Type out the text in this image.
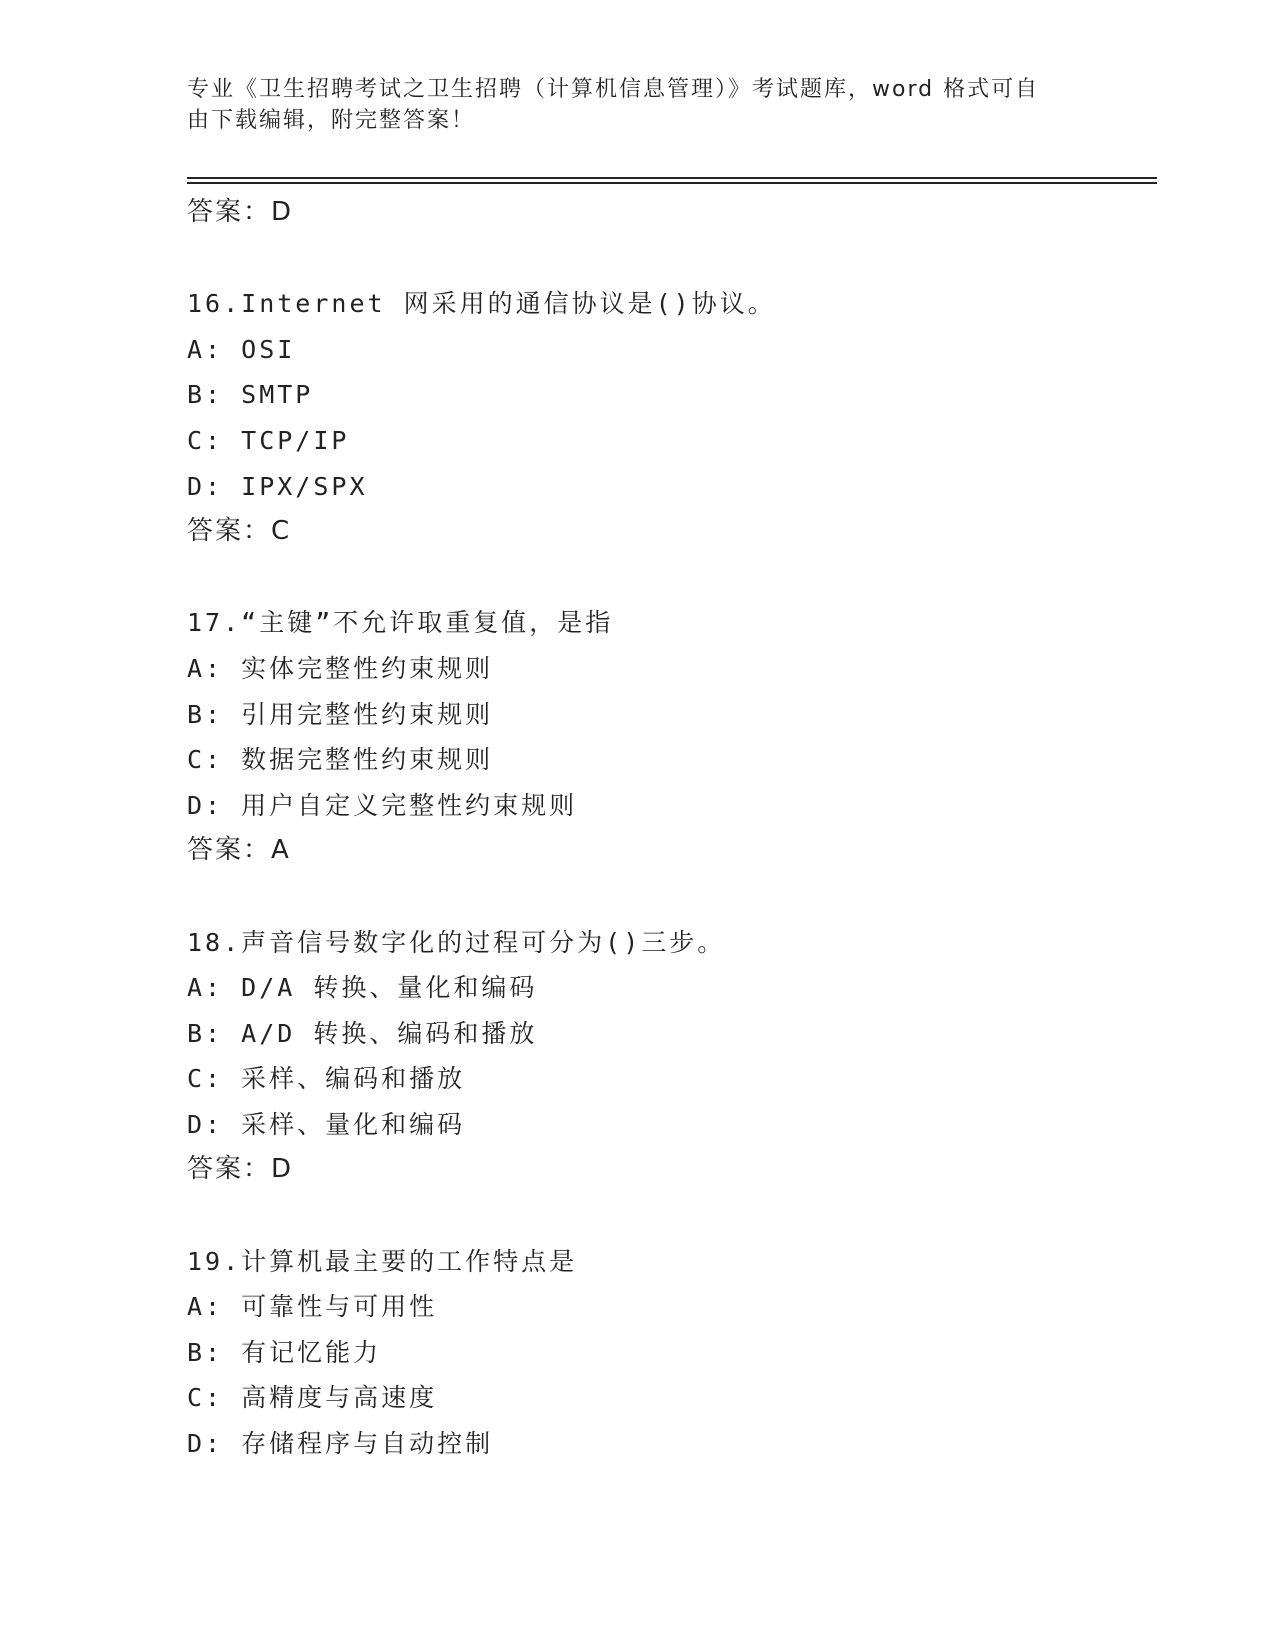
专业《卫生招聘考试之卫生招聘（计算机信息管理）》考试题库，word 格式可自
由下载编辑，附完整答案！
答案：D
16.Internet 网采用的通信协议是()协议。
A: OSI
B: SMTP
C: TCP/IP
D: IPX/SPX
答案：C
17.“主键”不允许取重复值，是指
A: 实体完整性约束规则
B: 引用完整性约束规则
C: 数据完整性约束规则
D: 用户自定义完整性约束规则
答案：A
18.声音信号数字化的过程可分为()三步。
A: D/A 转换、量化和编码
B: A/D 转换、编码和播放
C: 采样、编码和播放
D: 采样、量化和编码
答案：D
19.计算机最主要的工作特点是
A: 可靠性与可用性
B: 有记忆能力
C: 高精度与高速度
D: 存储程序与自动控制
